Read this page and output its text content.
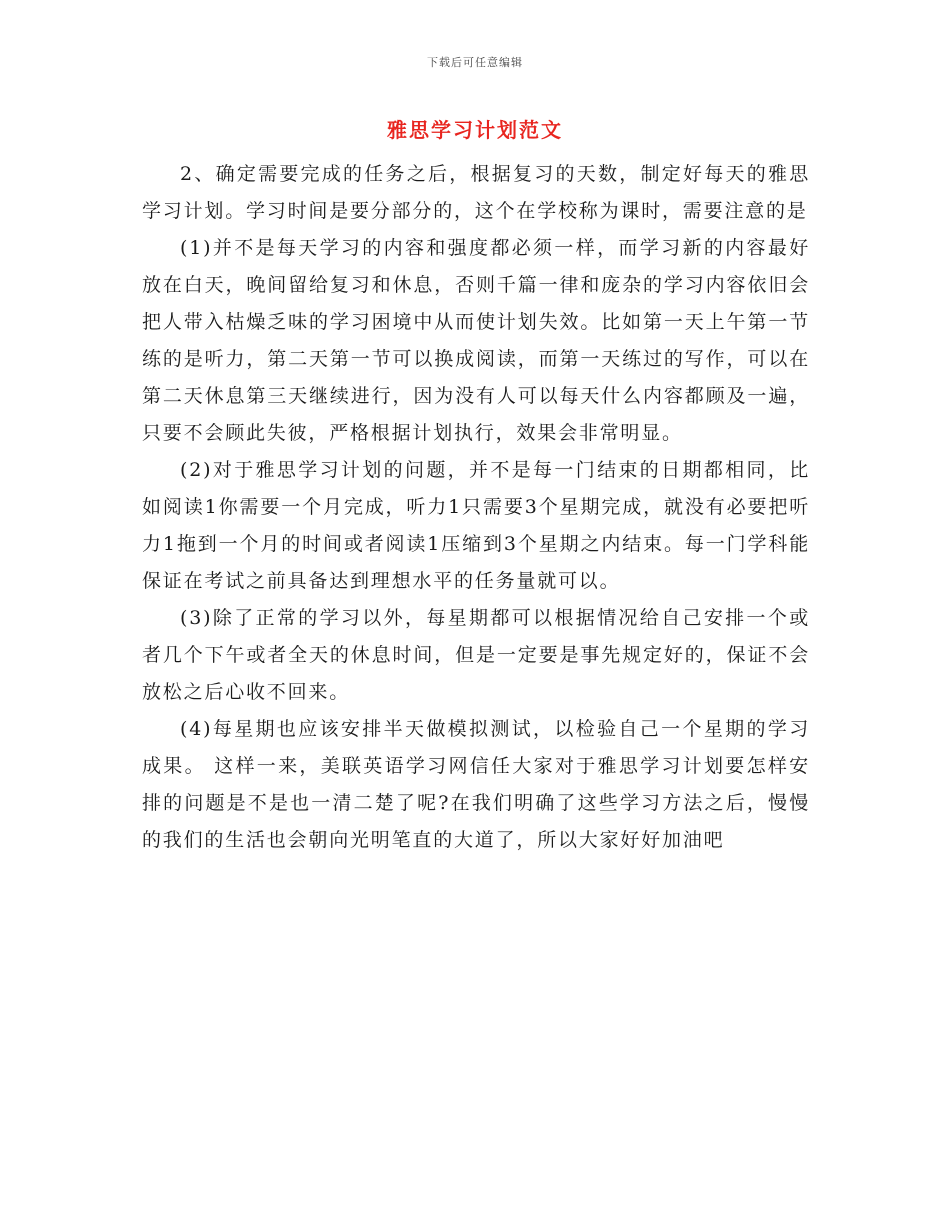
下载后可任意编辑
雅思学习计划范文

2、确定需要完成的任务之后，根据复习的天数，制定好每天的雅思学习计划。学习时间是要分部分的，这个在学校称为课时，需要注意的是

(1)并不是每天学习的内容和强度都必须一样，而学习新的内容最好放在白天，晚间留给复习和休息，否则千篇一律和庞杂的学习内容依旧会把人带入枯燥乏味的学习困境中从而使计划失效。比如第一天上午第一节练的是听力，第二天第一节可以换成阅读，而第一天练过的写作，可以在第二天休息第三天继续进行，因为没有人可以每天什么内容都顾及一遍，只要不会顾此失彼，严格根据计划执行，效果会非常明显。

(2)对于雅思学习计划的问题，并不是每一门结束的日期都相同，比如阅读1你需要一个月完成，听力1只需要3个星期完成，就没有必要把听力1拖到一个月的时间或者阅读1压缩到3个星期之内结束。每一门学科能保证在考试之前具备达到理想水平的任务量就可以。

(3)除了正常的学习以外，每星期都可以根据情况给自己安排一个或者几个下午或者全天的休息时间，但是一定要是事先规定好的，保证不会放松之后心收不回来。

(4)每星期也应该安排半天做模拟测试，以检验自己一个星期的学习成果。 这样一来，美联英语学习网信任大家对于雅思学习计划要怎样安排的问题是不是也一清二楚了呢?在我们明确了这些学习方法之后，慢慢的我们的生活也会朝向光明笔直的大道了，所以大家好好加油吧
